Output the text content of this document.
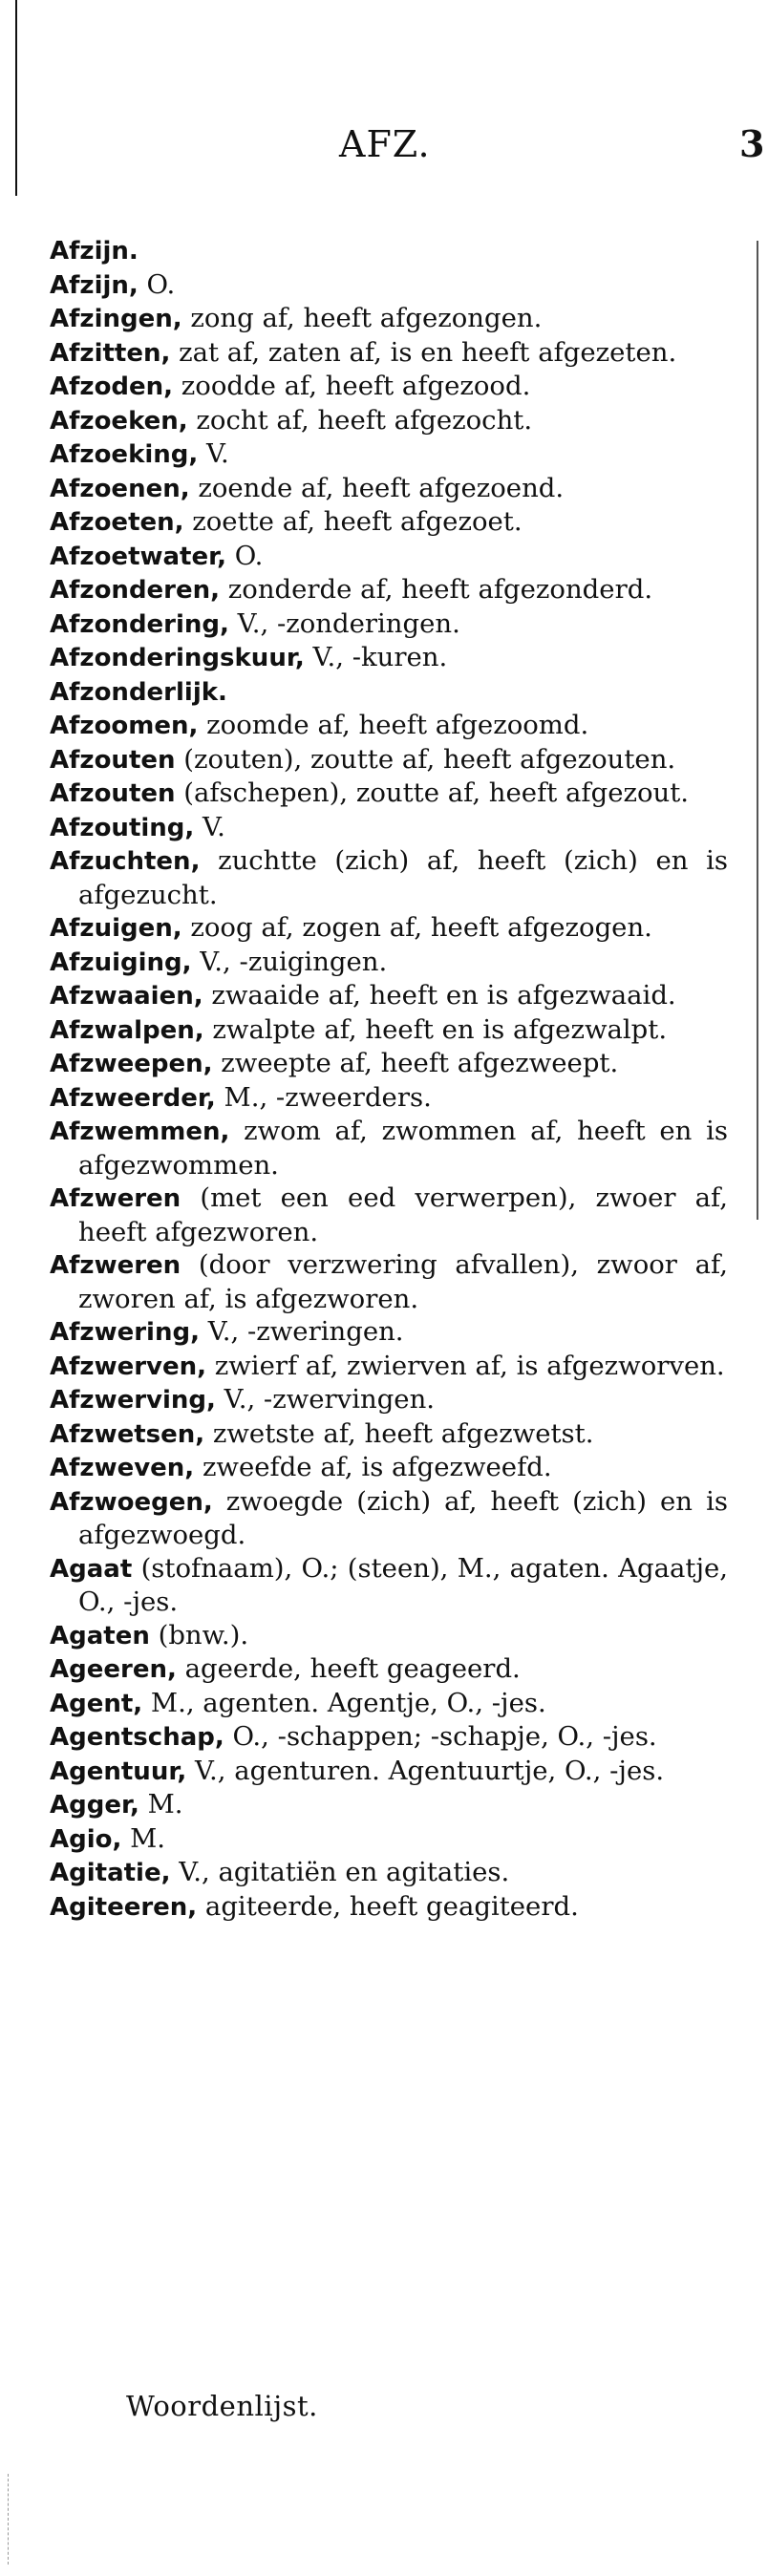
AFZ.	3

Afzijn.

Afzijn, O.

Afzingen, zong af, heeft afgezongen.

Afzitten, zat af, zaten af, is en heeft afgezeten.

Afzoden, zoodde af, heeft afgezood.

Afzoeken, zocht af, heeft afgezocht.

Afzoeking, V.

Afzoenen, zoende af, heeft afgezoend.

Afzoeten, zoette af, heeft afgezoet.

Afzoetwater, O.

Afzonderen, zonderde af, heeft afgezonderd.

Afzondering, V., -zonderingen.

Afzonderingskuur, V., -kuren.

Afzonderlijk.

Afzoomen, zoomde af, heeft afgezoomd.

Afzouten (zouten), zoutte af, heeft afgezouten.

Afzouten (afschepen), zoutte af, heeft afgezout.

Afzouting, V.

Afzuchten, zuchtte (zich) af, heeft (zich) en is afgezucht.

Afzuigen, zoog af, zogen af, heeft afgezogen.

Afzuiging, V., -zuigingen.

Afzwaaien, zwaaide af, heeft en is afgezwaaid.

Afzwalpen, zwalpte af, heeft en is afgezwalpt.

Afzweepen, zweepte af, heeft afgezweept.

Afzweerder, M., -zweerders.

Afzwemmen, zwom af, zwommen af, heeft en is afgezwommen.

Afzweren (met een eed verwerpen), zwoer af, heeft afgezworen.

Afzweren (door verzwering afvallen), zwoor af, zworen af, is afgezworen.

Afzwering, V., -zweringen.

Afzwerven, zwierf af, zwierven af, is afgezworven.

Afzwerving, V., -zwervingen.

Afzwetsen, zwetste af, heeft afgezwetst.

Afzweven, zweefde af, is afgezweefd.

Afzwoegen, zwoegde (zich) af, heeft (zich) en is afgezwoegd.

Agaat (stofnaam), O.; (steen), M., agaten. Agaatje, O., -jes.

Agaten (bnw.).

Ageeren, ageerde, heeft geageerd.

Agent, M., agenten. Agentje, O., -jes.

Agentschap, O., -schappen; -schapje, O., -jes.

Agentuur, V., agenturen. Agentuurtje, O., -jes.

Agger, M.

Agio, M.

Agitatie, V., agitatiën en agitaties.

Agiteeren, agiteerde, heeft geagiteerd.

Woordenlijst.
